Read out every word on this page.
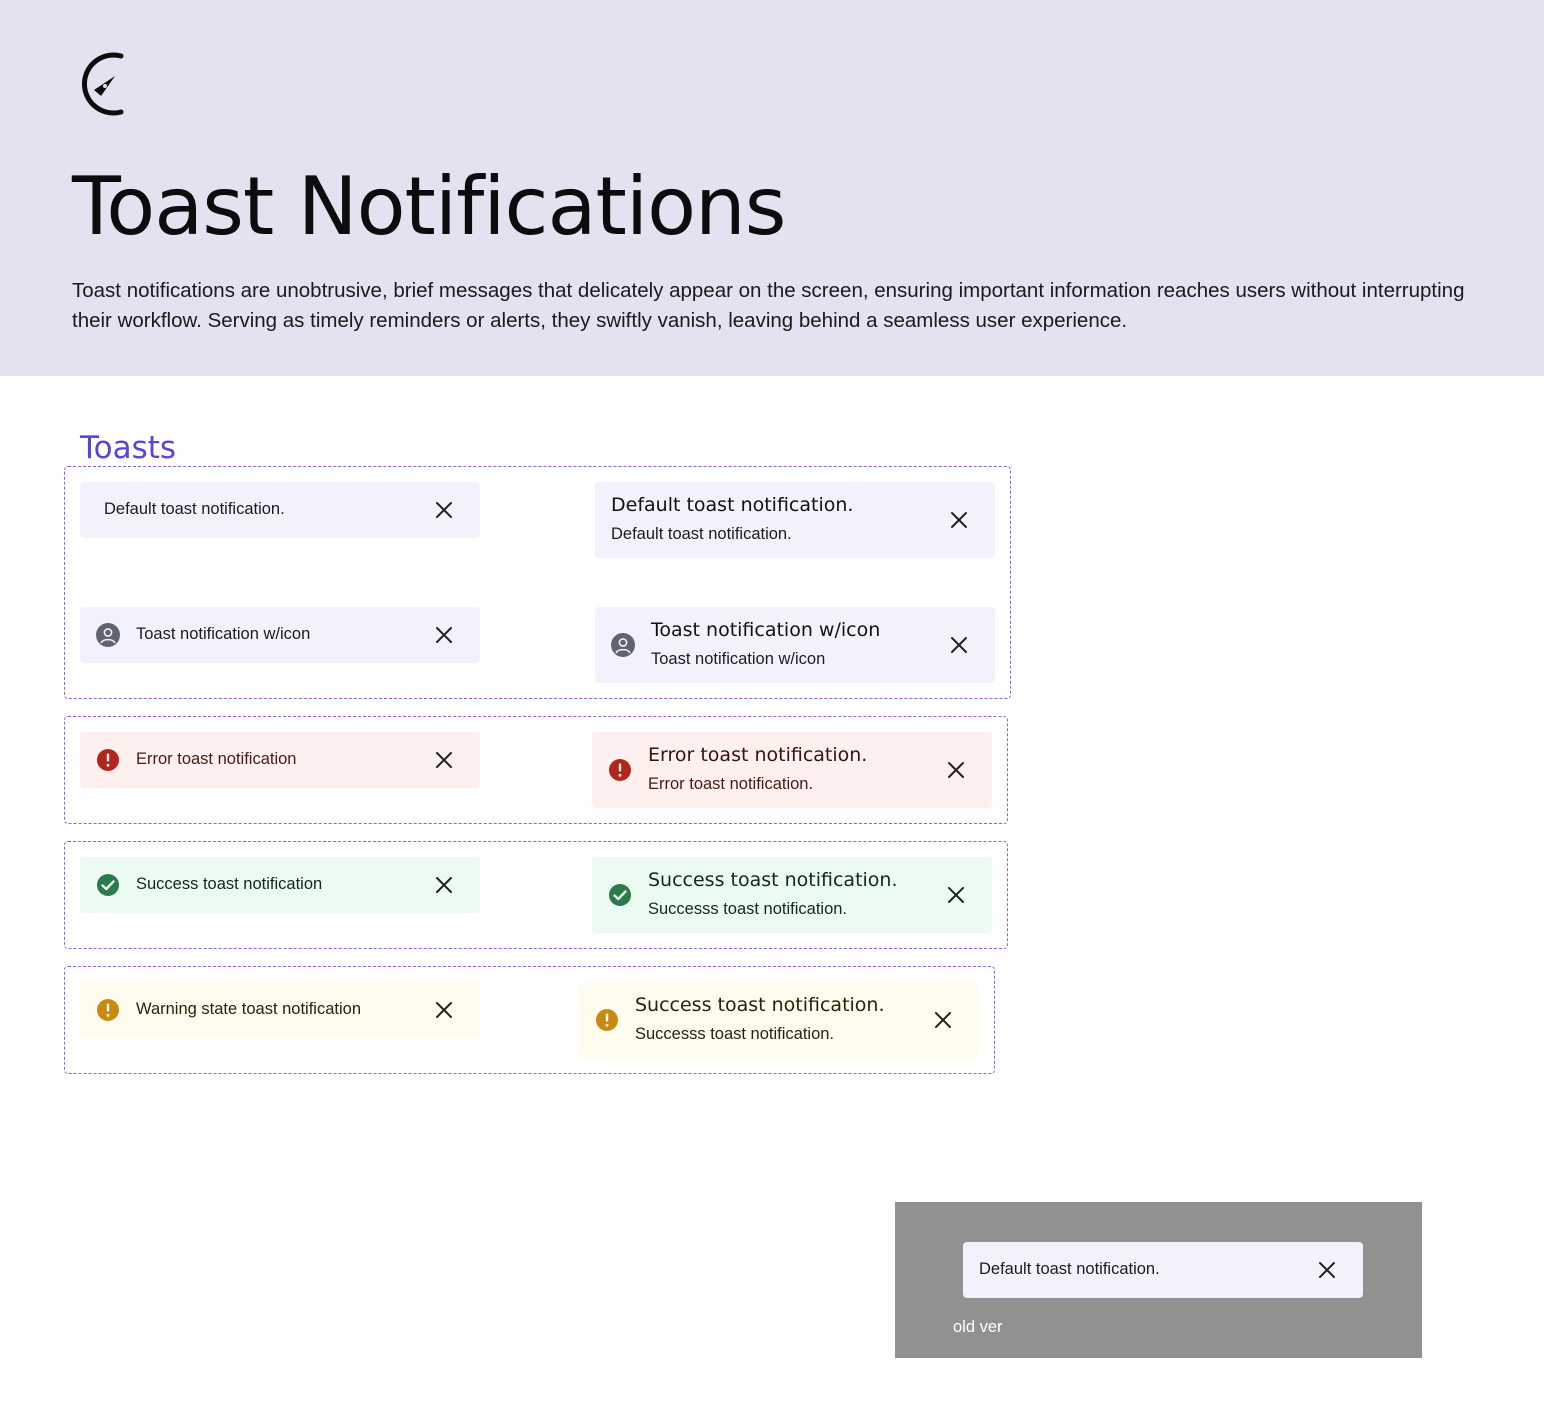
Toast Notifications

Toast notifications are unobtrusive, brief messages that delicately appear on the screen, ensuring important information reaches users without interrupting their workflow. Serving as timely reminders or alerts, they swiftly vanish, leaving behind a seamless user experience.

Toasts
Default toast notification.	Default toast notification.
Default toast notification.
Toast notification w/icon	Toast notification w/icon
Toast notification w/icon
Error toast notification	Error toast notification.
Error toast notification.
Success toast notification	Success toast notification.
Successs toast notification.
Warning state toast notification	Success toast notification.
Successs toast notification.
Default toast notification.
old ver
